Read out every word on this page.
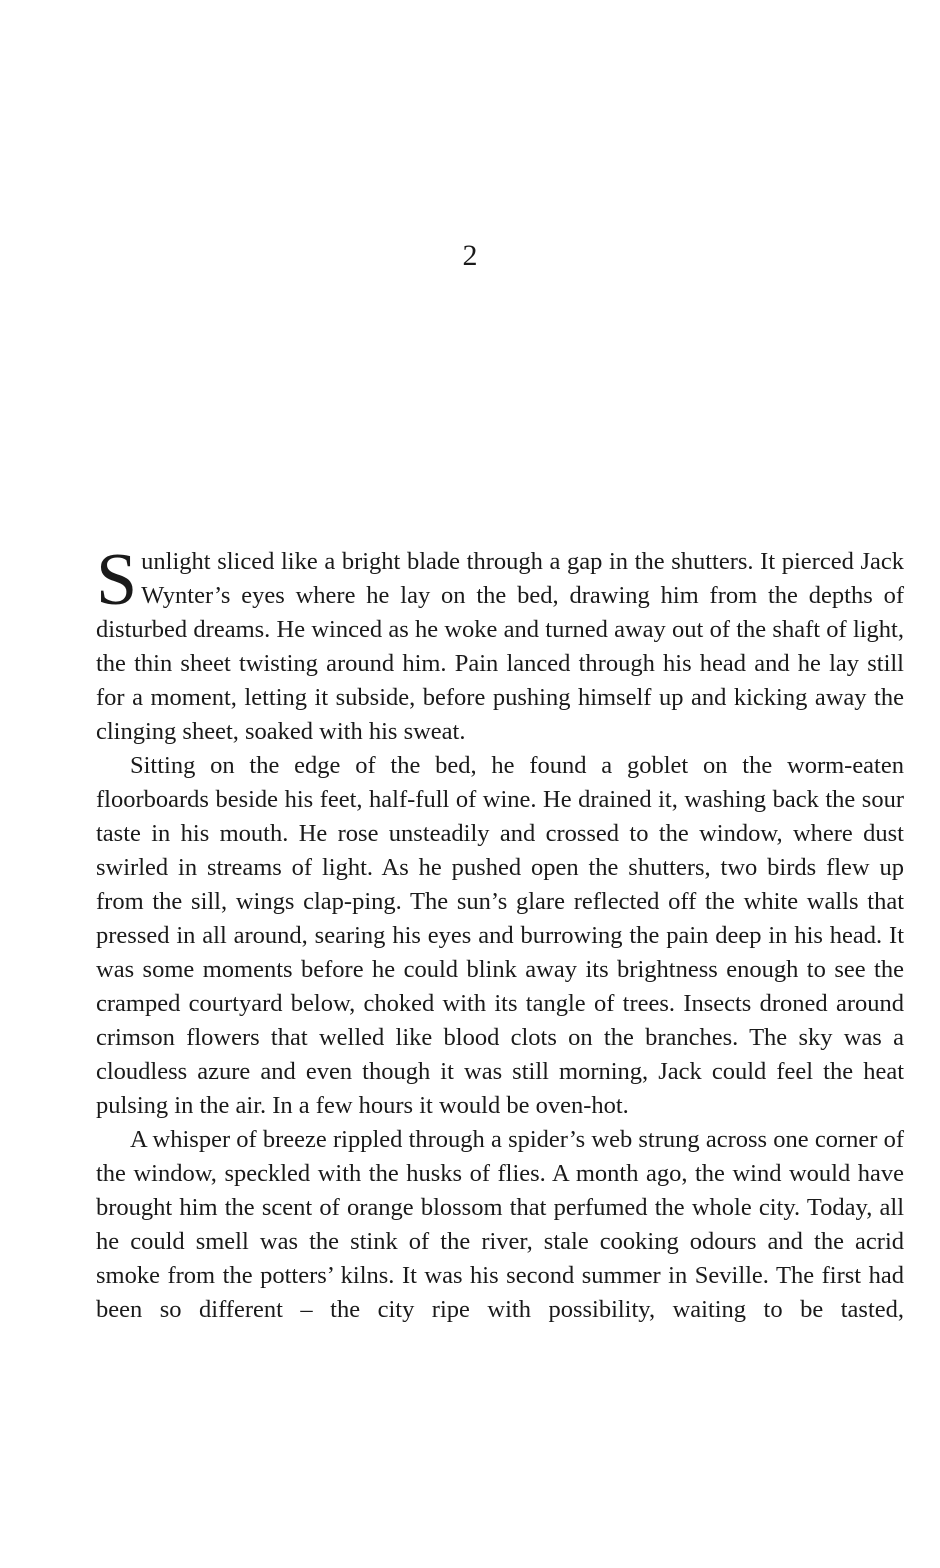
2

Sunlight sliced like a bright blade through a gap in the shutters. It pierced Jack Wynter’s eyes where he lay on the bed, drawing him from the depths of disturbed dreams. He winced as he woke and turned away out of the shaft of light, the thin sheet twisting around him. Pain lanced through his head and he lay still for a moment, letting it subside, before pushing himself up and kicking away the clinging sheet, soaked with his sweat.

Sitting on the edge of the bed, he found a goblet on the worm-eaten floorboards beside his feet, half-full of wine. He drained it, washing back the sour taste in his mouth. He rose unsteadily and crossed to the window, where dust swirled in streams of light. As he pushed open the shutters, two birds flew up from the sill, wings clap-ping. The sun’s glare reflected off the white walls that pressed in all around, searing his eyes and burrowing the pain deep in his head. It was some moments before he could blink away its brightness enough to see the cramped courtyard below, choked with its tangle of trees. Insects droned around crimson flowers that welled like blood clots on the branches. The sky was a cloudless azure and even though it was still morning, Jack could feel the heat pulsing in the air. In a few hours it would be oven-hot.

A whisper of breeze rippled through a spider’s web strung across one corner of the window, speckled with the husks of flies. A month ago, the wind would have brought him the scent of orange blossom that perfumed the whole city. Today, all he could smell was the stink of the river, stale cooking odours and the acrid smoke from the potters’ kilns. It was his second summer in Seville. The first had been so different – the city ripe with possibility, waiting to be tasted,
